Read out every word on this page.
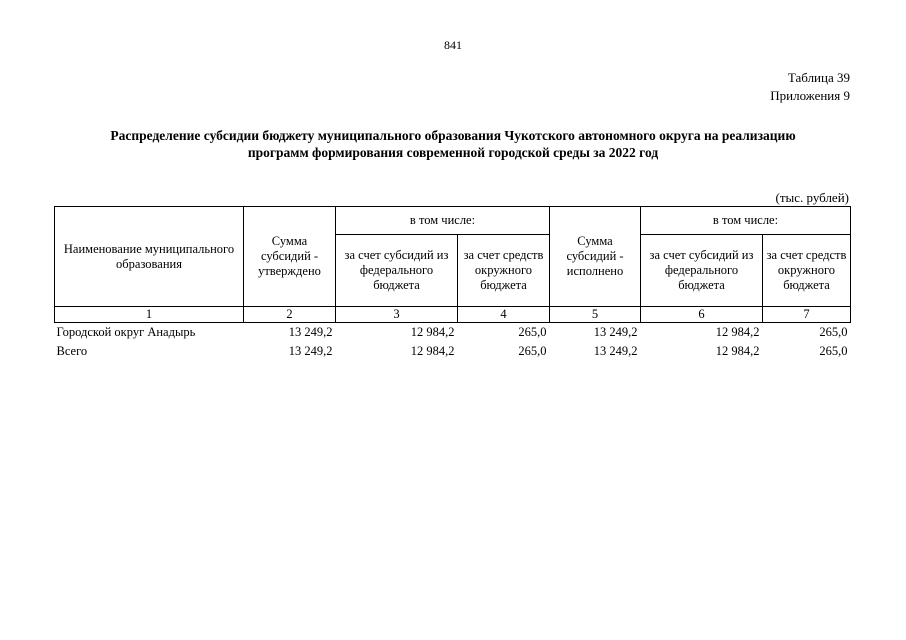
841
Таблица 39
Приложения 9
Распределение субсидии бюджету муниципального образования Чукотского автономного округа на реализацию
программ формирования современной городской среды за 2022 год
(тыс. рублей)
Наименование муниципального образования	Сумма субсидий - утверждено	в том числе:		Сумма субсидий - исполнено	в том числе:	
		за счет субсидий из федерального бюджета	за счет средств окружного бюджета		за счет субсидий из федерального бюджета	за счет средств окружного бюджета
1	2	3	4	5	6	7
Городской округ Анадырь	13 249,2	12 984,2	265,0	13 249,2	12 984,2	265,0
Всего	13 249,2	12 984,2	265,0	13 249,2	12 984,2	265,0
